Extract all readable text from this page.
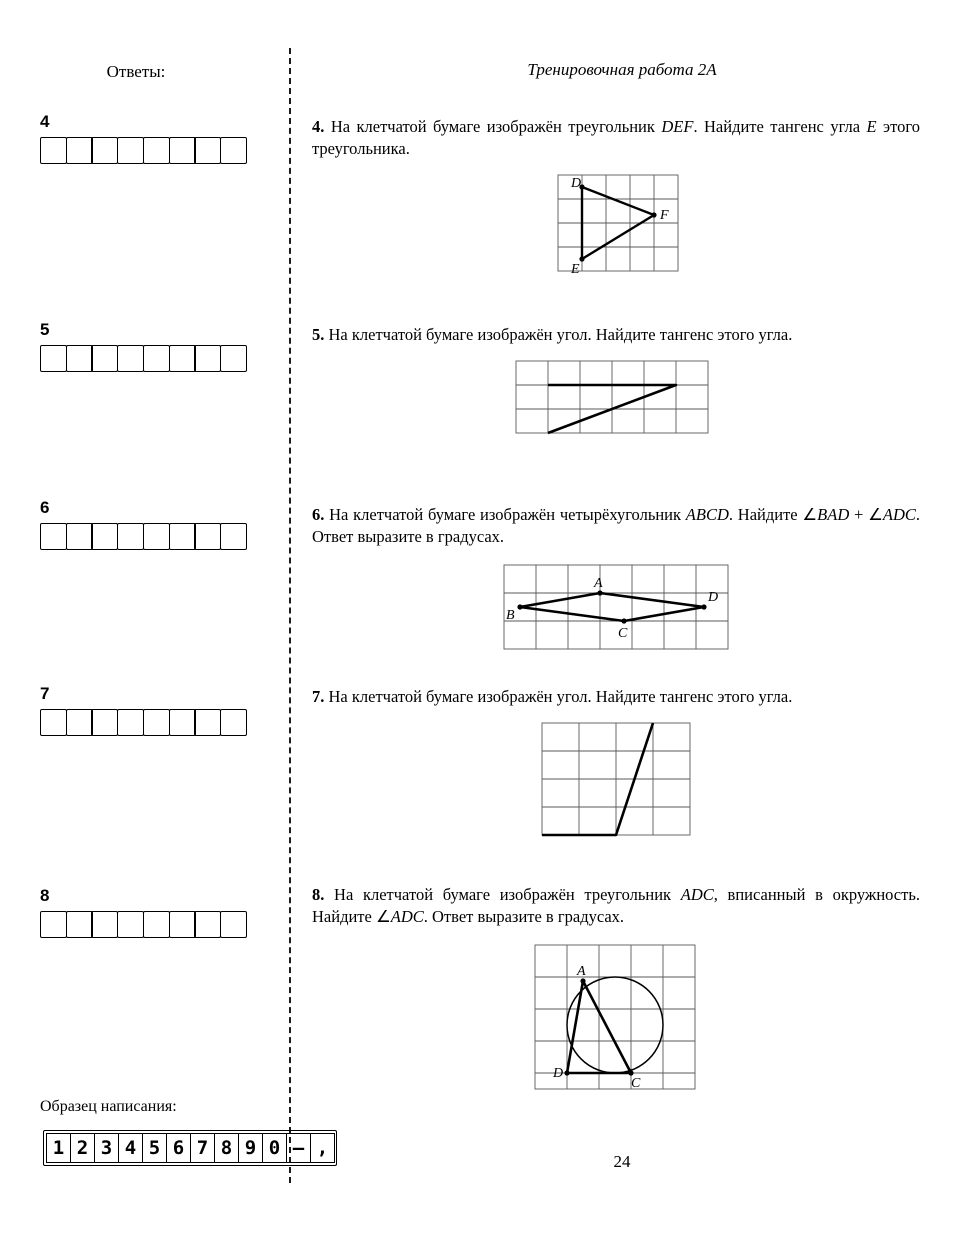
Ответы:
4
5
6
7
8
Образец написания:
1 2 3 4 5 6 7 8 9 0 – ,
Тренировочная работа 2А

4. На клетчатой бумаге изображён треугольник DEF. Найдите тангенс угла E этого треугольника.

D
F
E

5. На клетчатой бумаге изображён угол. Найдите тангенс этого угла.

6. На клетчатой бумаге изображён четырёхугольник ABCD. Найдите ∠BAD + ∠ADC. Ответ выразите в градусах.

A
B
C
D

7. На клетчатой бумаге изображён угол. Найдите тангенс этого угла.

8. На клетчатой бумаге изображён треугольник ADC, вписанный в окружность. Найдите ∠ADC. Ответ выразите в градусах.

A
D
C
24
